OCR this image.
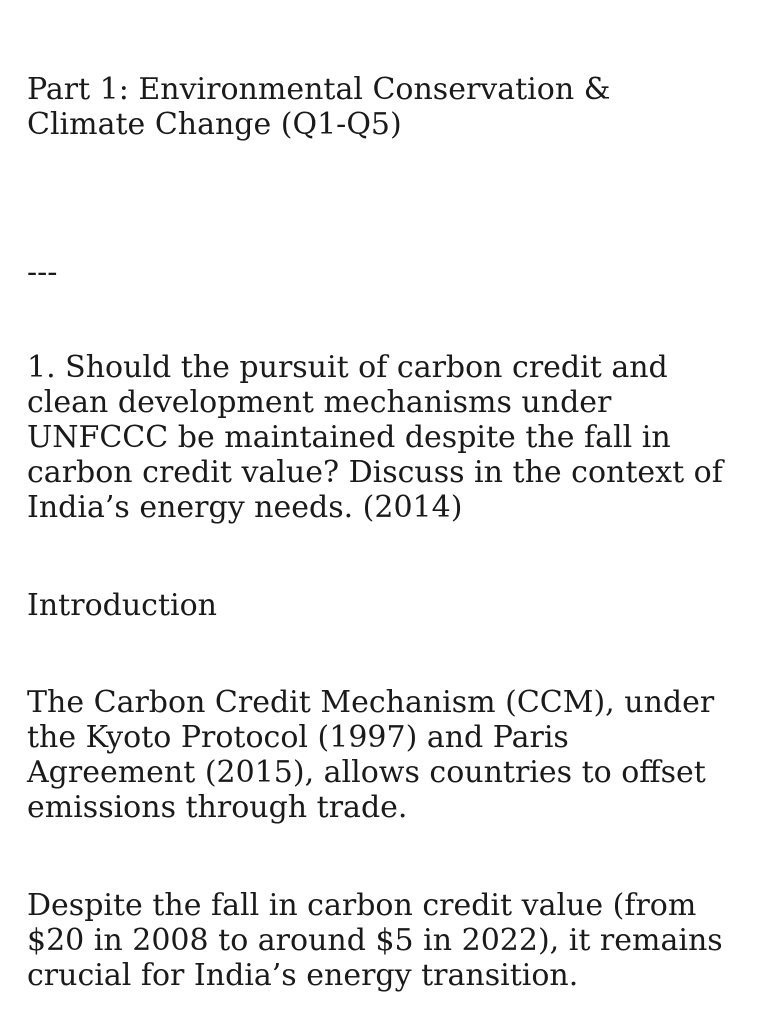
Part 1: Environmental Conservation & Climate Change (Q1-Q5)

---

1. Should the pursuit of carbon credit and clean development mechanisms under UNFCCC be maintained despite the fall in carbon credit value? Discuss in the context of India’s energy needs. (2014)

Introduction

The Carbon Credit Mechanism (CCM), under the Kyoto Protocol (1997) and Paris Agreement (2015), allows countries to offset emissions through trade.

Despite the fall in carbon credit value (from $20 in 2008 to around $5 in 2022), it remains crucial for India’s energy transition.
